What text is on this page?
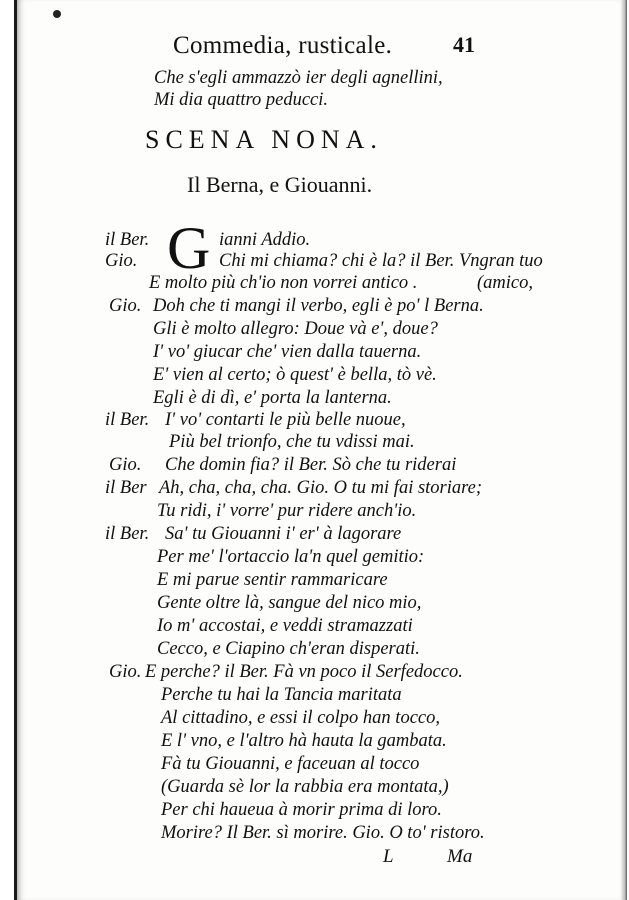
Commedia, rusticale.	41
Che s'egli ammazzò ier degli agnellini,
Mi dia quattro peducci.
SCENA NONA.
Il Berna, e Giouanni.
G
il Ber.	ianni Addio.
Gio.	Chi mi chiama? chi è la? il Ber. Vngran tuo
E molto più ch'io non vorrei antico .	(amico,
Gio. Doh che ti mangi il verbo, egli è po' l Berna.
Gli è molto allegro: Doue và e', doue?
I' vo' giucar che' vien dalla tauerna.
E' vien al certo; ò quest' è bella, tò vè.
Egli è di dì, e' porta la lanterna.
il Ber. I' vo' contarti le più belle nuoue,
Più bel trionfo, che tu vdissi mai.
Gio. Che domin fia? il Ber. Sò che tu riderai
il Ber Ah, cha, cha, cha. Gio. O tu mi fai storiare;
Tu ridi, i' vorre' pur ridere anch'io.
il Ber. Sa' tu Giouanni i' er' à lagorare
Per me' l'ortaccio la'n quel gemitio:
E mi parue sentir rammaricare
Gente oltre là, sangue del nico mio,
Io m' accostai, e veddi stramazzati
Cecco, e Ciapino ch'eran disperati.
Gio. E perche? il Ber. Fà vn poco il Serfedocco.
Perche tu hai la Tancia maritata
Al cittadino, e essi il colpo han tocco,
E l' vno, e l'altro hà hauta la gambata.
Fà tu Giouanni, e faceuan al tocco
(Guarda sè lor la rabbia era montata,)
Per chi haueua à morir prima di loro.
Morire? Il Ber. sì morire. Gio. O to' ristoro.
L	Ma
